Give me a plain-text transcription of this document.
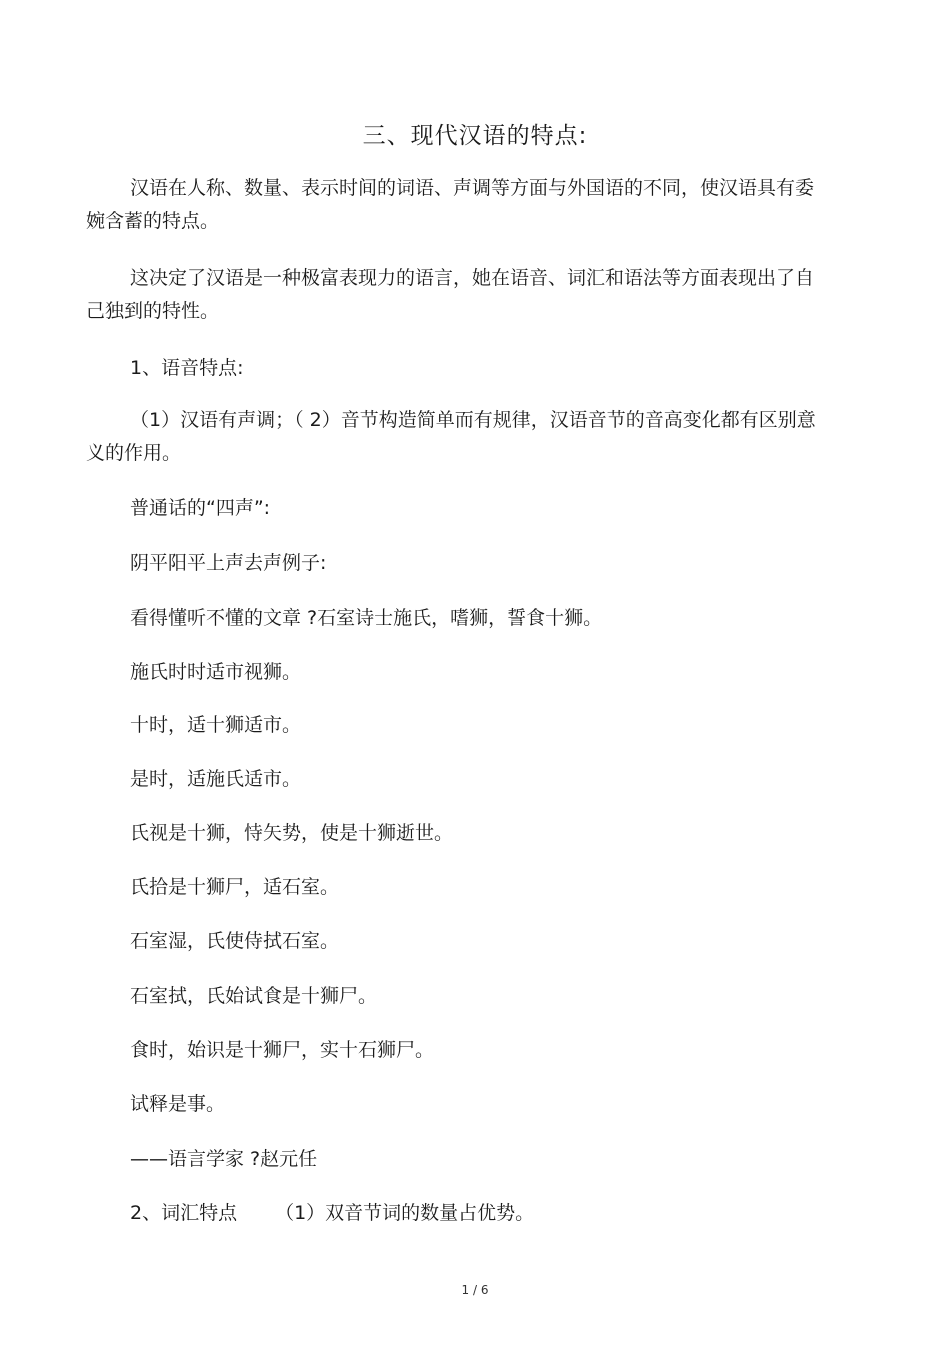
三、现代汉语的特点:

汉语在人称、数量、表示时间的词语、声调等方面与外国语的不同，使汉语具有委婉含蓄的特点。

这决定了汉语是一种极富表现力的语言，她在语音、词汇和语法等方面表现出了自己独到的特性。

1、语音特点:

（1）汉语有声调；（ 2）音节构造简单而有规律，汉语音节的音高变化都有区别意义的作用。

普通话的“四声”:

阴平阳平上声去声例子:

看得懂听不懂的文章 ?石室诗士施氏，嗜狮，誓食十狮。

施氏时时适市视狮。

十时，适十狮适市。

是时，适施氏适市。

氏视是十狮，恃矢势，使是十狮逝世。

氏拾是十狮尸，适石室。

石室湿，氏使侍拭石室。

石室拭，氏始试食是十狮尸。

食时，始识是十狮尸，实十石狮尸。

试释是事。

——语言学家 ?赵元任

2、词汇特点 （1）双音节词的数量占优势。

1 / 6
